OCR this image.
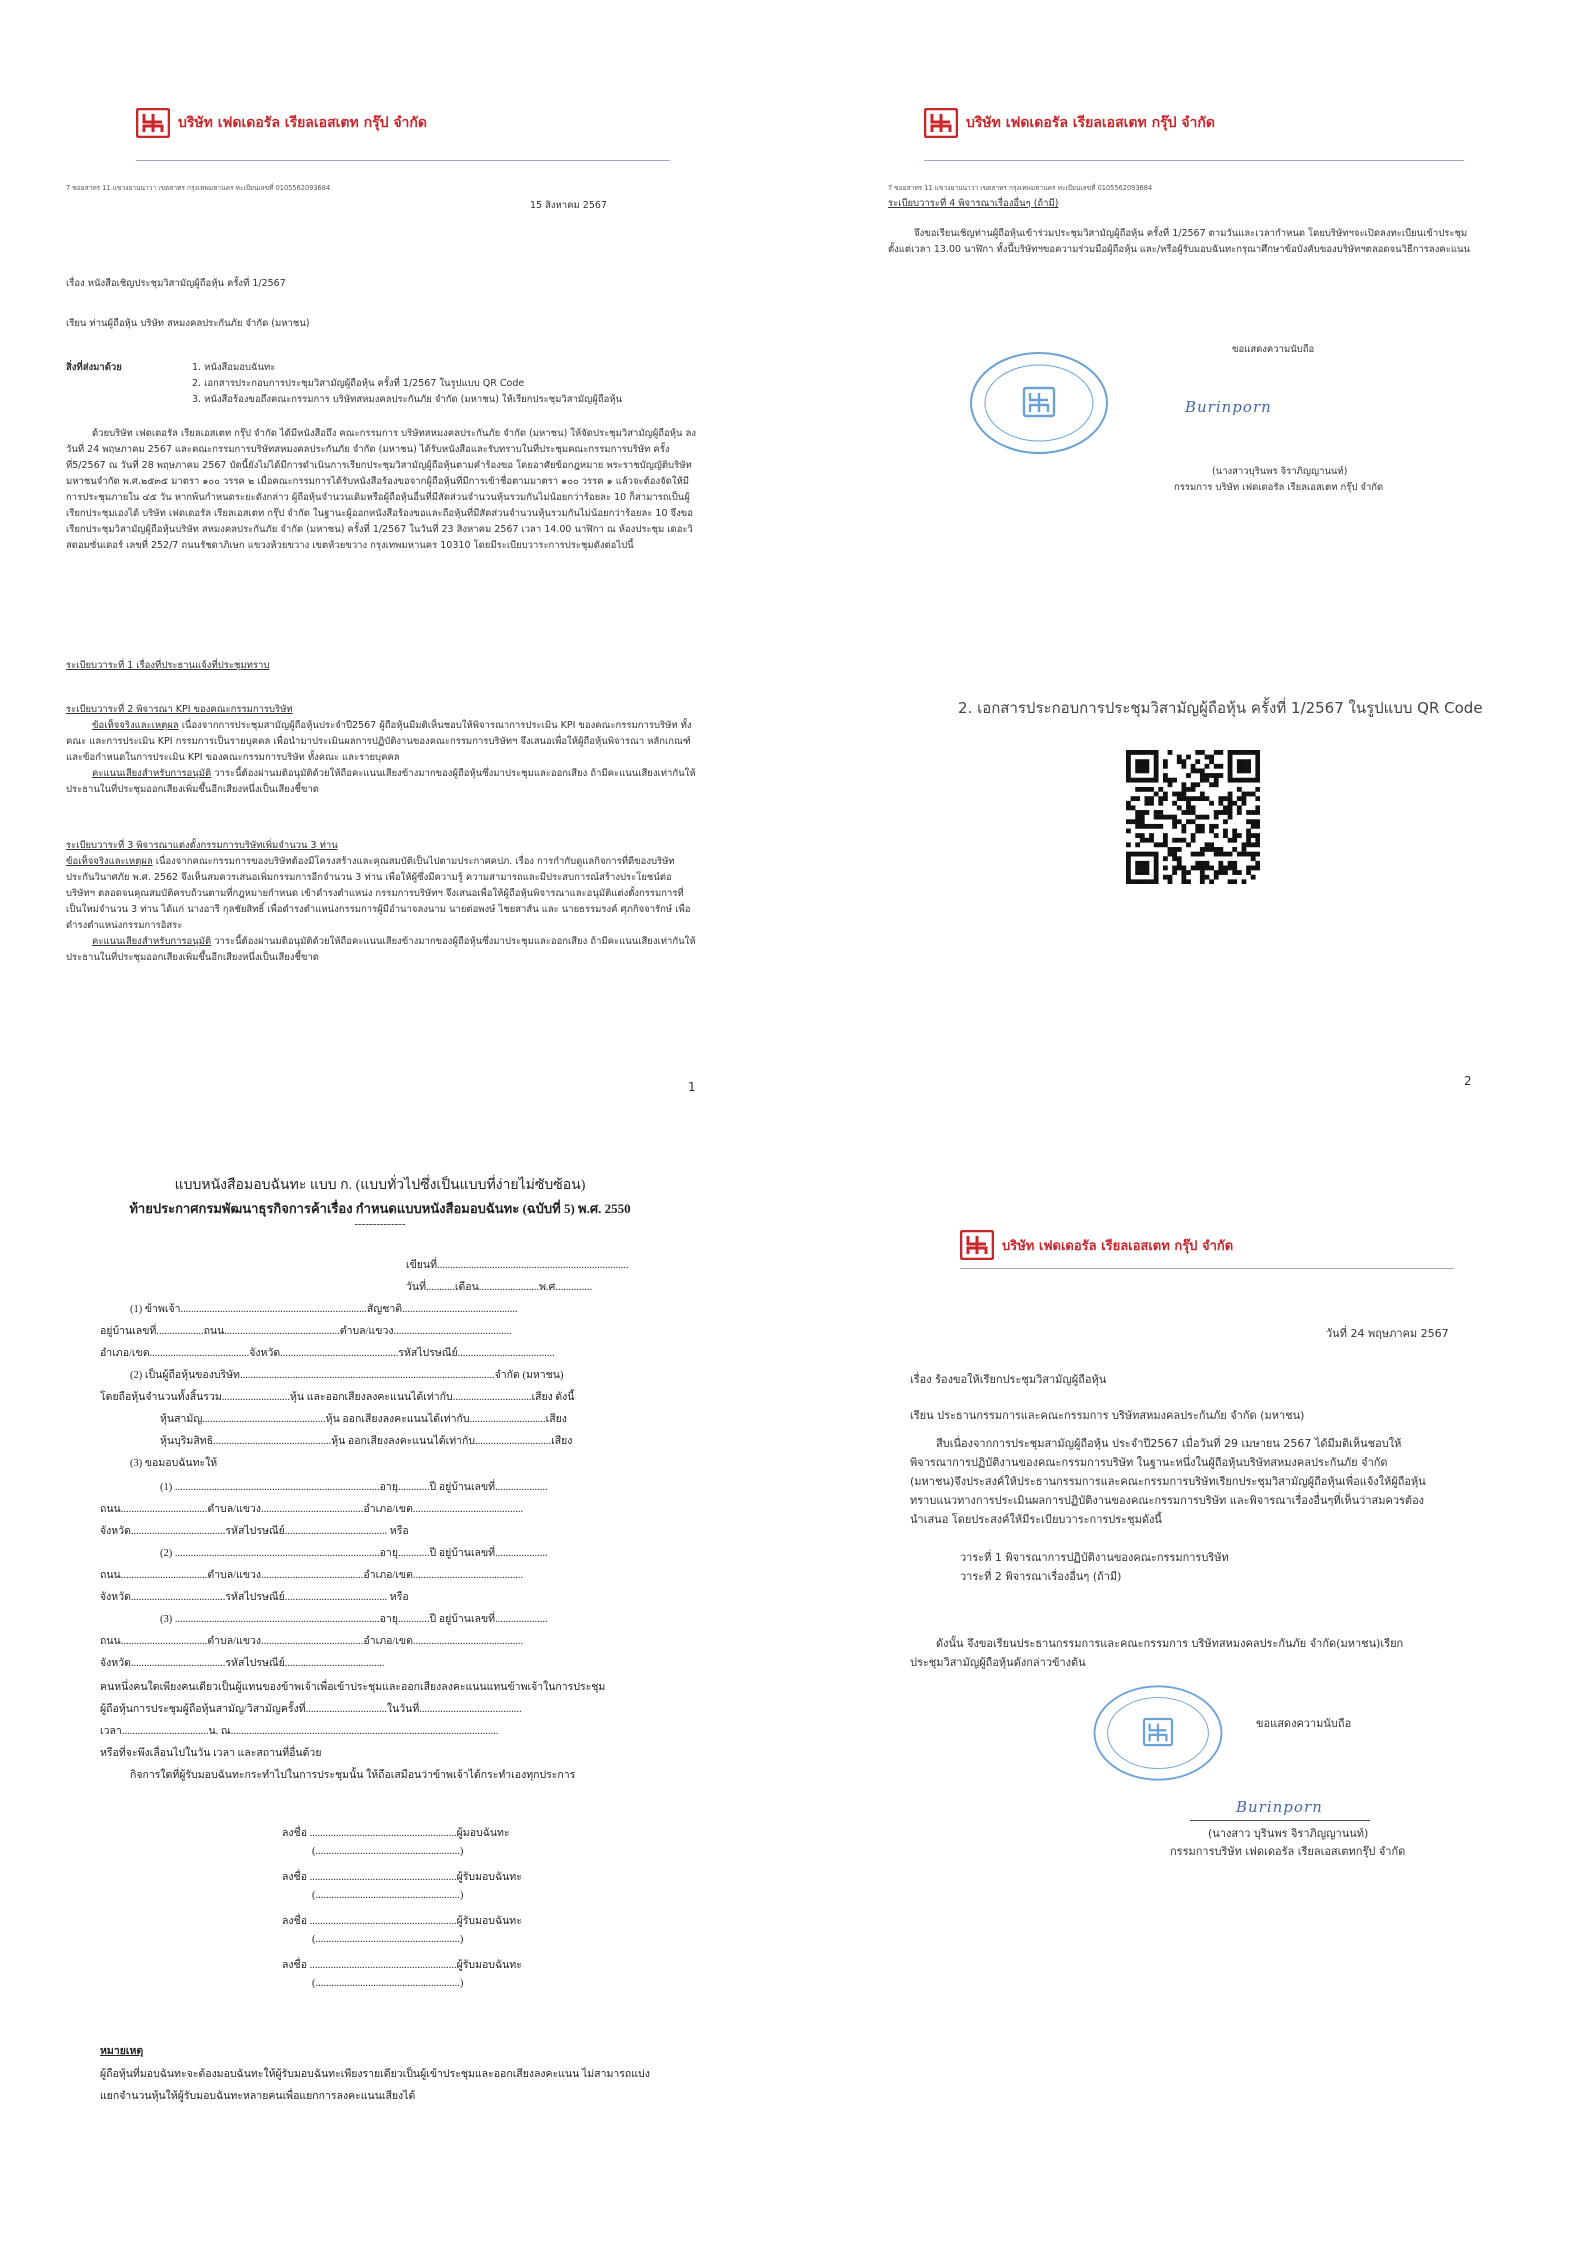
บริษัท เฟดเดอรัล เรียลเอสเตท กรุ๊ป จำกัด
7 ซอยสาทร 11 แขวงยานนาวา เขตสาทร กรุงเทพมหานคร ทะเบียนเลขที่ 0105562093684
15 สิงหาคม 2567
เรื่อง หนังสือเชิญประชุมวิสามัญผู้ถือหุ้น ครั้งที่ 1/2567
เรียน ท่านผู้ถือหุ้น บริษัท สหมงคลประกันภัย จำกัด (มหาชน)
สิ่งที่ส่งมาด้วย	1. หนังสือมอบฉันทะ

2. เอกสารประกอบการประชุมวิสามัญผู้ถือหุ้น ครั้งที่ 1/2567 ในรูปแบบ QR Code

3. หนังสือร้องขอถึงคณะกรรมการ บริษัทสหมงคลประกันภัย จำกัด (มหาชน) ให้เรียกประชุมวิสามัญผู้ถือหุ้น

ด้วยบริษัท เฟดเดอรัล เรียลเอสเตท กรุ๊ป จำกัด ได้มีหนังสือถึง คณะกรรมการ บริษัทสหมงคลประกันภัย จำกัด (มหาชน) ให้จัดประชุมวิสามัญผู้ถือหุ้น ลงวันที่ 24 พฤษภาคม 2567 และคณะกรรมการบริษัทสหมงคลประกันภัย จำกัด (มหาชน) ได้รับหนังสือและรับทราบในที่ประชุมคณะกรรมการบริษัท ครั้งที่5/2567 ณ วันที่ 28 พฤษภาคม 2567 บัดนี้ยังไม่ได้มีการดำเนินการเรียกประชุมวิสามัญผู้ถือหุ้นตามคำร้องขอ โดยอาศัยข้อกฎหมาย พระราชบัญญัติบริษัทมหาชนจำกัด พ.ศ.๒๕๓๕ มาตรา ๑๐๐ วรรค ๒ เมื่อคณะกรรมการได้รับหนังสือร้องขอจากผู้ถือหุ้นที่มีการเข้าชื่อตามมาตรา ๑๐๐ วรรค ๑ แล้วจะต้องจัดให้มีการประชุมภายใน ๔๕ วัน หากพ้นกำหนดระยะดังกล่าว ผู้ถือหุ้นจำนวนเดิมหรือผู้ถือหุ้นอื่นที่มีสัดส่วนจำนวนหุ้นรวมกันไม่น้อยกว่าร้อยละ 10 ก็สามารถเป็นผู้เรียกประชุมเองได้ บริษัท เฟดเดอรัล เรียลเอสเตท กรุ๊ป จำกัด ในฐานะผู้ออกหนังสือร้องขอและถือหุ้นที่มีสัดส่วนจำนวนหุ้นรวมกันไม่น้อยกว่าร้อยละ 10 จึงขอเรียกประชุมวิสามัญผู้ถือหุ้นบริษัท สหมงคลประกันภัย จำกัด (มหาชน) ครั้งที่ 1/2567 ในวันที่ 23 สิงหาคม 2567 เวลา 14.00 นาฬิกา ณ ห้องประชุม เดอะวิสดอมซั่นเดอร์ เลขที่ 252/7 ถนนรัชดาภิเษก แขวงห้วยขวาง เขตห้วยขวาง กรุงเทพมหานคร 10310 โดยมีระเบียบวาระการประชุมดังต่อไปนี้

ระเบียบวาระที่ 1 เรื่องที่ประธานแจ้งที่ประชุมทราบ

ระเบียบวาระที่ 2 พิจารณา KPI ของคณะกรรมการบริษัท

ข้อเท็จจริงและเหตุผล เนื่องจากการประชุมสามัญผู้ถือหุ้นประจำปี2567 ผู้ถือหุ้นมีมติเห็นชอบให้พิจารณาการประเมิน KPI ของคณะกรรมการบริษัท ทั้งคณะ และการประเมิน KPI กรรมการเป็นรายบุคคล เพื่อนำมาประเมินผลการปฏิบัติงานของคณะกรรมการบริษัทฯ จึงเสนอเพื่อให้ผู้ถือหุ้นพิจารณา หลักเกณฑ์และข้อกำหนดในการประเมิน KPI ของคณะกรรมการบริษัท ทั้งคณะ และรายบุคคล

คะแนนเสียงสำหรับการอนุมัติ วาระนี้ต้องผ่านมติอนุมัติด้วยให้ถือคะแนนเสียงข้างมากของผู้ถือหุ้นซึ่งมาประชุมและออกเสียง ถ้ามีคะแนนเสียงเท่ากันให้ประธานในที่ประชุมออกเสียงเพิ่มขึ้นอีกเสียงหนึ่งเป็นเสียงชี้ขาด

ระเบียบวาระที่ 3 พิจารณาแต่งตั้งกรรมการบริษัทเพิ่มจำนวน 3 ท่าน

ข้อเท็จจริงและเหตุผล เนื่องจากคณะกรรมการของบริษัทต้องมีโครงสร้างและคุณสมบัติเป็นไปตามประกาศคปภ. เรื่อง การกำกับดูแลกิจการที่ดีของบริษัทประกันวินาศภัย พ.ศ. 2562 จึงเห็นสมควรเสนอเพิ่มกรรมการอีกจำนวน 3 ท่าน เพื่อให้ผู้ซึ่งมีความรู้ ความสามารถและมีประสบการณ์สร้างประโยชน์ต่อบริษัทฯ ตลอดจนคุณสมบัติครบถ้วนตามที่กฎหมายกำหนด เข้าดำรงตำแหน่ง กรรมการบริษัทฯ จึงเสนอเพื่อให้ผู้ถือหุ้นพิจารณาและอนุมัติแต่งตั้งกรรมการที่เป็นใหม่จำนวน 3 ท่าน ได้แก่ นางอารี กุลชัยสิทธิ์ เพื่อดำรงตำแหน่งกรรมการผู้มีอำนาจลงนาม นายต่อพงษ์ ไชยสาส์น และ นายธรรมรงค์ ศุภกิจจารักษ์ เพื่อดำรงตำแหน่งกรรมการอิสระ

คะแนนเสียงสำหรับการอนุมัติ วาระนี้ต้องผ่านมติอนุมัติด้วยให้ถือคะแนนเสียงข้างมากของผู้ถือหุ้นซึ่งมาประชุมและออกเสียง ถ้ามีคะแนนเสียงเท่ากันให้ประธานในที่ประชุมออกเสียงเพิ่มขึ้นอีกเสียงหนึ่งเป็นเสียงชี้ขาด

1
บริษัท เฟดเดอรัล เรียลเอสเตท กรุ๊ป จำกัด
7 ซอยสาทร 11 แขวงยานนาวา เขตสาทร กรุงเทพมหานคร ทะเบียนเลขที่ 0105562093684
ระเบียบวาระที่ 4 พิจารณาเรื่องอื่นๆ (ถ้ามี)

จึงขอเรียนเชิญท่านผู้ถือหุ้นเข้าร่วมประชุมวิสามัญผู้ถือหุ้น ครั้งที่ 1/2567 ตามวันและเวลากำหนด โดยบริษัทฯจะเปิดลงทะเบียนเข้าประชุมตั้งแต่เวลา 13.00 นาฬิกา ทั้งนี้บริษัทฯขอความร่วมมือผู้ถือหุ้น และ/หรือผู้รับมอบฉันทะกรุณาศึกษาข้อบังคับของบริษัทฯตลอดจนวิธีการลงคะแนน

ขอแสดงความนับถือ
Burinporn
(นางสาวบุรินพร จิราภิญญานนท์)
กรรมการ บริษัท เฟดเดอรัล เรียลเอสเตท กรุ๊ป จำกัด
2. เอกสารประกอบการประชุมวิสามัญผู้ถือหุ้น ครั้งที่ 1/2567 ในรูปแบบ QR Code
2
แบบหนังสือมอบฉันทะ แบบ ก. (แบบทั่วไปซึ่งเป็นแบบที่ง่ายไม่ซับซ้อน)
ท้ายประกาศกรมพัฒนาธุรกิจการค้าเรื่อง กำหนดแบบหนังสือมอบฉันทะ (ฉบับที่ 5) พ.ศ. 2550
--------------
เขียนที่.........................................................................
วันที่...........เดือน.......................พ.ศ..............
(1) ข้าพเจ้า.......................................................................สัญชาติ............................................
อยู่บ้านเลขที่..................ถนน............................................ตำบล/แขวง.............................................
อำเภอ/เขต......................................จังหวัด.............................................รหัสไปรษณีย์.....................................
(2) เป็นผู้ถือหุ้นของบริษัท.................................................................................................จำกัด (มหาชน)
โดยถือหุ้นจำนวนทั้งสิ้นรวม..........................หุ้น และออกเสียงลงคะแนนได้เท่ากับ..............................เสียง ดังนี้
หุ้นสามัญ...............................................หุ้น ออกเสียงลงคะแนนได้เท่ากับ.............................เสียง
หุ้นบุริมสิทธิ.............................................หุ้น ออกเสียงลงคะแนนได้เท่ากับ.............................เสียง
(3) ขอมอบฉันทะให้
(1) ..............................................................................อายุ............ปี อยู่บ้านเลขที่....................
ถนน.................................ตำบล/แขวง.......................................อำเภอ/เขต..........................................
จังหวัด....................................รหัสไปรษณีย์....................................... หรือ
(2) ..............................................................................อายุ............ปี อยู่บ้านเลขที่....................
ถนน.................................ตำบล/แขวง.......................................อำเภอ/เขต..........................................
จังหวัด....................................รหัสไปรษณีย์....................................... หรือ
(3) ..............................................................................อายุ............ปี อยู่บ้านเลขที่....................
ถนน.................................ตำบล/แขวง.......................................อำเภอ/เขต..........................................
จังหวัด....................................รหัสไปรษณีย์......................................
คนหนึ่งคนใดเพียงคนเดียวเป็นผู้แทนของข้าพเจ้าเพื่อเข้าประชุมและออกเสียงลงคะแนนแทนข้าพเจ้าในการประชุม
ผู้ถือหุ้นการประชุมผู้ถือหุ้นสามัญ/วิสามัญครั้งที่...............................ในวันที่.......................................
เวลา.................................น. ณ......................................................................................................
หรือที่จะพึงเลื่อนไปในวัน เวลา และสถานที่อื่นด้วย
กิจการใดที่ผู้รับมอบฉันทะกระทำไปในการประชุมนั้น ให้ถือเสมือนว่าข้าพเจ้าได้กระทำเองทุกประการ
ลงชื่อ ........................................................ผู้มอบฉันทะ
(.......................................................)
ลงชื่อ ........................................................ผู้รับมอบฉันทะ
(.......................................................)
ลงชื่อ ........................................................ผู้รับมอบฉันทะ
(.......................................................)
ลงชื่อ ........................................................ผู้รับมอบฉันทะ
(.......................................................)
หมายเหตุ
ผู้ถือหุ้นที่มอบฉันทะจะต้องมอบฉันทะให้ผู้รับมอบฉันทะเพียงรายเดียวเป็นผู้เข้าประชุมและออกเสียงลงคะแนน ไม่สามารถแบ่งแยกจำนวนหุ้นให้ผู้รับมอบฉันทะหลายคนเพื่อแยกการลงคะแนนเสียงได้
บริษัท เฟดเดอรัล เรียลเอสเตท กรุ๊ป จำกัด
วันที่ 24 พฤษภาคม 2567
เรื่อง ร้องขอให้เรียกประชุมวิสามัญผู้ถือหุ้น
เรียน ประธานกรรมการและคณะกรรมการ บริษัทสหมงคลประกันภัย จำกัด (มหาชน)

สืบเนื่องจากการประชุมสามัญผู้ถือหุ้น ประจำปี2567 เมื่อวันที่ 29 เมษายน 2567 ได้มีมติเห็นชอบให้พิจารณาการปฏิบัติงานของคณะกรรมการบริษัท ในฐานะหนึ่งในผู้ถือหุ้นบริษัทสหมงคลประกันภัย จำกัด (มหาชน)จึงประสงค์ให้ประธานกรรมการและคณะกรรมการบริษัทเรียกประชุมวิสามัญผู้ถือหุ้นเพื่อแจ้งให้ผู้ถือหุ้นทราบแนวทางการประเมินผลการปฏิบัติงานของคณะกรรมการบริษัท และพิจารณาเรื่องอื่นๆที่เห็นว่าสมควรต้องนำเสนอ โดยประสงค์ให้มีระเบียบวาระการประชุมดังนี้

วาระที่ 1 พิจารณาการปฏิบัติงานของคณะกรรมการบริษัท

วาระที่ 2 พิจารณาเรื่องอื่นๆ (ถ้ามี)

ดังนั้น จึงขอเรียนประธานกรรมการและคณะกรรมการ บริษัทสหมงคลประกันภัย จำกัด(มหาชน)เรียกประชุมวิสามัญผู้ถือหุ้นดังกล่าวข้างต้น

ขอแสดงความนับถือ
Burinporn
(นางสาว บุรินพร จิราภิญญานนท์)
กรรมการบริษัท เฟดเดอรัล เรียลเอสเตทกรุ๊ป จำกัด
